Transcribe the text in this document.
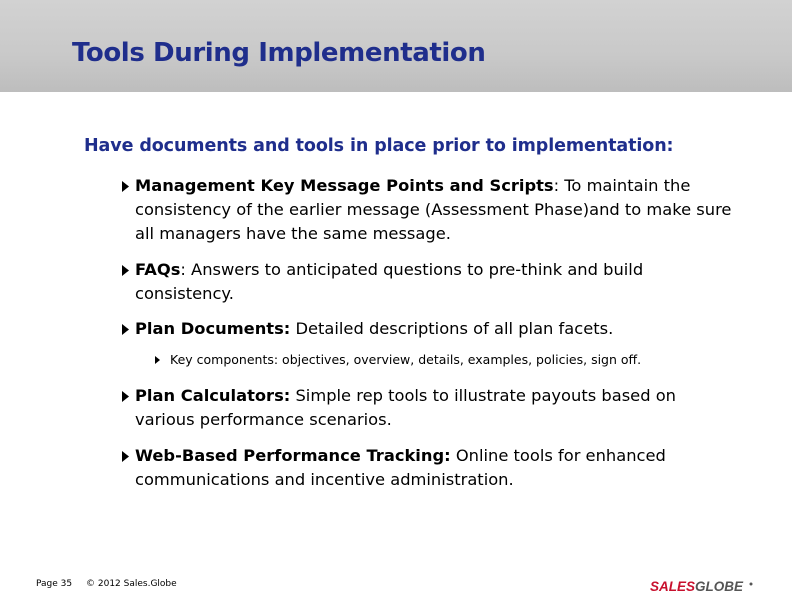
Tools During Implementation

Have documents and tools in place prior to implementation:

Management Key Message Points and Scripts: To maintain the consistency of the earlier message (Assessment Phase)and to make sure all managers have the same message.
FAQs: Answers to anticipated questions to pre-think and build consistency.
Plan Documents: Detailed descriptions of all plan facets.
Key components: objectives, overview, details, examples, policies, sign off.
Plan Calculators: Simple rep tools to illustrate payouts based on various performance scenarios.
Web-Based Performance Tracking: Online tools for enhanced communications and incentive administration.
Page 35 © 2012 Sales.Globe	SALES GLOBE
